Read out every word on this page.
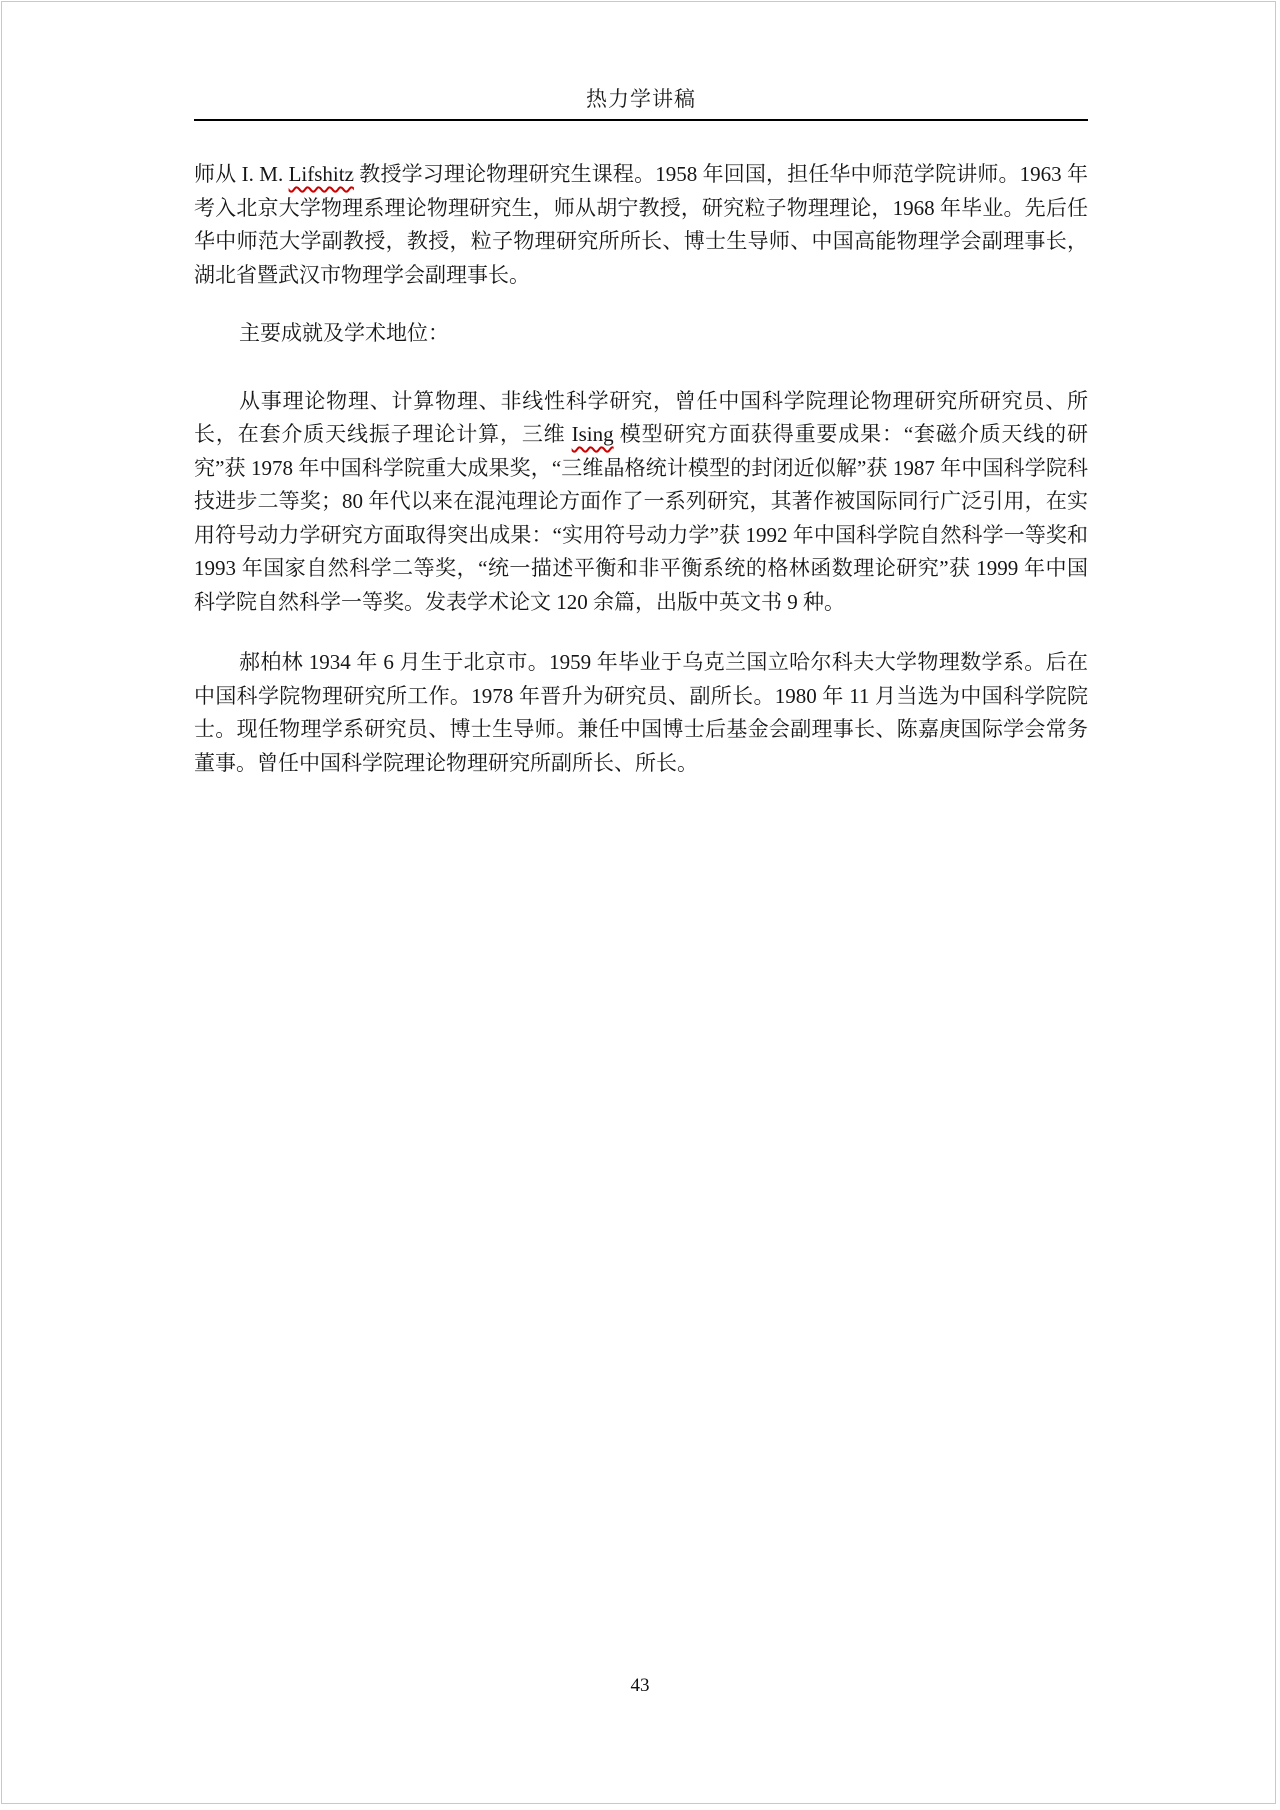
热力学讲稿

师从 I. M. Lifshitz 教授学习理论物理研究生课程。1958 年回国，担任华中师范学院讲师。1963 年考入北京大学物理系理论物理研究生，师从胡宁教授，研究粒子物理理论，1968 年毕业。先后任华中师范大学副教授，教授，粒子物理研究所所长、博士生导师、中国高能物理学会副理事长，湖北省暨武汉市物理学会副理事长。

主要成就及学术地位：

从事理论物理、计算物理、非线性科学研究，曾任中国科学院理论物理研究所研究员、所长，在套介质天线振子理论计算，三维 Ising 模型研究方面获得重要成果：“套磁介质天线的研究”获 1978 年中国科学院重大成果奖，“三维晶格统计模型的封闭近似解”获 1987 年中国科学院科技进步二等奖；80 年代以来在混沌理论方面作了一系列研究，其著作被国际同行广泛引用，在实用符号动力学研究方面取得突出成果：“实用符号动力学”获 1992 年中国科学院自然科学一等奖和 1993 年国家自然科学二等奖，“统一描述平衡和非平衡系统的格林函数理论研究”获 1999 年中国科学院自然科学一等奖。发表学术论文 120 余篇，出版中英文书 9 种。

郝柏林 1934 年 6 月生于北京市。1959 年毕业于乌克兰国立哈尔科夫大学物理数学系。后在中国科学院物理研究所工作。1978 年晋升为研究员、副所长。1980 年 11 月当选为中国科学院院士。现任物理学系研究员、博士生导师。兼任中国博士后基金会副理事长、陈嘉庚国际学会常务董事。曾任中国科学院理论物理研究所副所长、所长。

43
